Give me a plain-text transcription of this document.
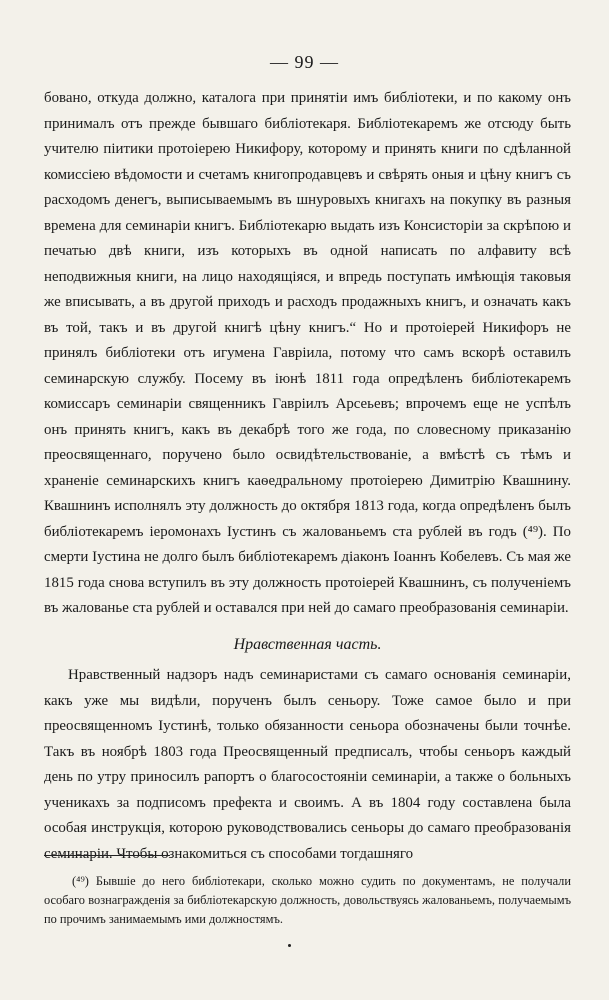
— 99 —

бовано, откуда должно, каталога при принятіи имъ библіотеки, и по какому онъ принималъ отъ прежде бывшаго библіотекаря. Библіотекаремъ же отсюду быть учителю піитики протоіерею Никифору, которому и принять книги по сдѣланной комиссіею вѣдомости и счетамъ книгопродавцевъ и свѣрять оныя и цѣну книгъ съ расходомъ денегъ, выписываемымъ въ шнуровыхъ книгахъ на покупку въ разныя времена для семинаріи книгъ. Библіотекарю выдать изъ Консисторіи за скрѣпою и печатью двѣ книги, изъ которыхъ въ одной написать по алфавиту всѣ неподвижныя книги, на лицо находящіяся, и впредь поступать имѣющія таковыя же вписывать, а въ другой приходъ и расходъ продажныхъ книгъ, и означать какъ въ той, такъ и въ другой книгѣ цѣну книгъ.“ Но и протоіерей Никифоръ не принялъ библіотеки отъ игумена Гавріила, потому что самъ вскорѣ оставилъ семинарскую службу. Посему въ іюнѣ 1811 года опредѣленъ библіотекаремъ комиссаръ семинаріи священникъ Гавріилъ Арсеьевъ; впрочемъ еще не успѣлъ онъ принять книгъ, какъ въ декабрѣ того же года, по словесному приказанію преосвященнаго, поручено было освидѣтельствованіе, а вмѣстѣ съ тѣмъ и храненіе семинарскихъ книгъ каѳедральному протоіерею Димитрію Квашнину. Квашнинъ исполнялъ эту должность до октября 1813 года, когда опредѣленъ былъ библіотекаремъ іеромонахъ Іустинъ съ жалованьемъ ста рублей въ годъ (⁴⁹). По смерти Іустина не долго былъ библіотекаремъ діаконъ Іоаннъ Кобелевъ. Съ мая же 1815 года снова вступилъ въ эту должность протоіерей Квашнинъ, съ полученіемъ въ жалованье ста рублей и оставался при ней до самаго преобразованія семинаріи.

Нравственная часть.

Нравственный надзоръ надъ семинаристами съ самаго основанія семинаріи, какъ уже мы видѣли, порученъ былъ сеньору. Тоже самое было и при преосвященномъ Іустинѣ, только обязанности сеньора обозначены были точнѣе. Такъ въ ноябрѣ 1803 года Преосвященный предписалъ, чтобы сеньоръ каждый день по утру приносилъ рапортъ о благосостояніи семинаріи, а также о больныхъ ученикахъ за подписомъ префекта и своимъ. А въ 1804 году составлена была особая инструкція, которою руководствовались сеньоры до самаго преобразованія семинаріи. Чтобы ознакомиться съ способами тогдашняго

(⁴⁹) Бывшіе до него библіотекари, сколько можно судить по документамъ, не получали особаго вознагражденія за библіотекарскую должность, довольствуясь жалованьемъ, получаемымъ по прочимъ занимаемымъ ими должностямъ.
